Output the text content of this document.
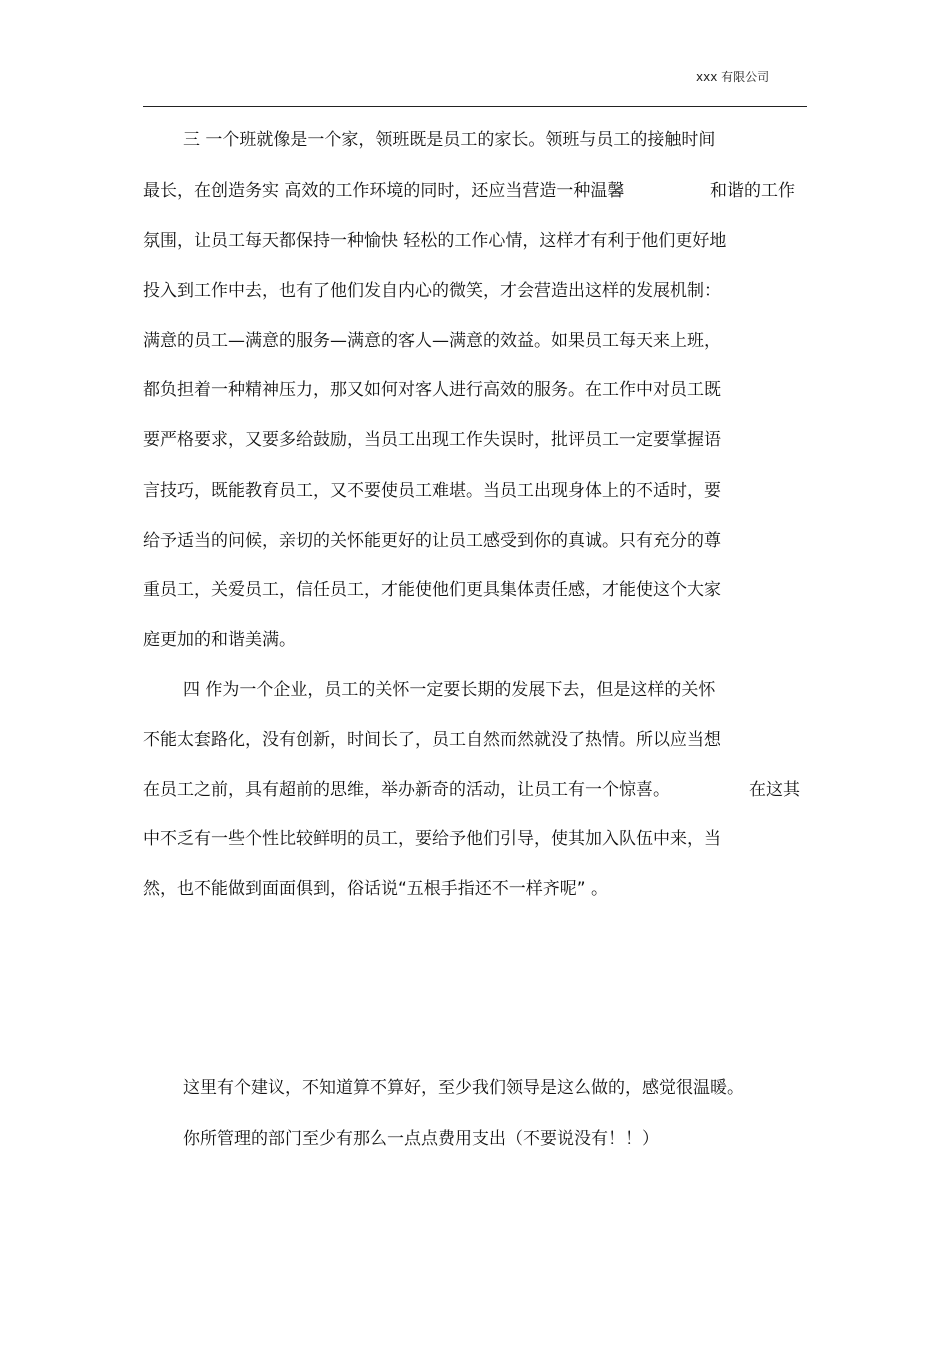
xxx 有限公司
三 一个班就像是一个家，领班既是员工的家长。领班与员工的接触时间
最长，在创造务实 高效的工作环境的同时，还应当营造一种温馨	和谐的工作
氛围，让员工每天都保持一种愉快 轻松的工作心情，这样才有利于他们更好地
投入到工作中去，也有了他们发自内心的微笑，才会营造出这样的发展机制：
满意的员工—满意的服务—满意的客人—满意的效益。如果员工每天来上班，
都负担着一种精神压力，那又如何对客人进行高效的服务。在工作中对员工既
要严格要求，又要多给鼓励，当员工出现工作失误时，批评员工一定要掌握语
言技巧，既能教育员工，又不要使员工难堪。当员工出现身体上的不适时，要
给予适当的问候，亲切的关怀能更好的让员工感受到你的真诚。只有充分的尊
重员工，关爱员工，信任员工，才能使他们更具集体责任感，才能使这个大家
庭更加的和谐美满。
四 作为一个企业，员工的关怀一定要长期的发展下去，但是这样的关怀
不能太套路化，没有创新，时间长了，员工自然而然就没了热情。所以应当想
在员工之前，具有超前的思维，举办新奇的活动，让员工有一个惊喜。	在这其
中不乏有一些个性比较鲜明的员工，要给予他们引导，使其加入队伍中来，当
然，也不能做到面面俱到，俗话说“五根手指还不一样齐呢” 。
这里有个建议，不知道算不算好，至少我们领导是这么做的，感觉很温暖。
你所管理的部门至少有那么一点点费用支出（不要说没有！！）
